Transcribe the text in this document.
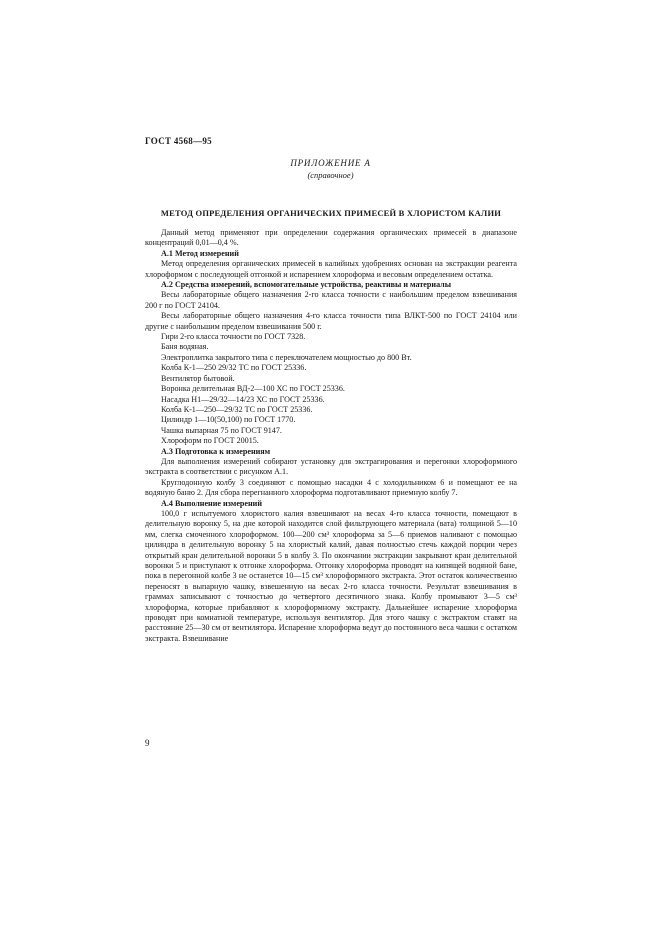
ГОСТ 4568—95
ПРИЛОЖЕНИЕ А
(справочное)
МЕТОД ОПРЕДЕЛЕНИЯ ОРГАНИЧЕСКИХ ПРИМЕСЕЙ В ХЛОРИСТОМ КАЛИИ

Данный метод применяют при определении содержания органических примесей в диапазоне концентраций 0,01—0,4 %.

А.1 Метод измерений

Метод определения органических примесей в калийных удобрениях основан на экстракции реагента хлороформом с последующей отгонкой и испарением хлороформа и весовым определением остатка.

А.2 Средства измерений, вспомогательные устройства, реактивы и материалы

Весы лабораторные общего назначения 2-го класса точности с наибольшим пределом взвешивания 200 г по ГОСТ 24104.

Весы лабораторные общего назначения 4-го класса точности типа ВЛКТ-500 по ГОСТ 24104 или другие с наибольшим пределом взвешивания 500 г.

Гири 2-го класса точности по ГОСТ 7328.

Баня водяная.

Электроплитка закрытого типа с переключателем мощностью до 800 Вт.

Колба К-1—250 29/32 ТС по ГОСТ 25336.

Вентилятор бытовой.

Воронка делительная ВД-2—100 ХС по ГОСТ 25336.

Насадка Н1—29/32—14/23 ХС по ГОСТ 25336.

Колба К-1—250—29/32 ТС по ГОСТ 25336.

Цилиндр 1—10(50,100) по ГОСТ 1770.

Чашка выпарная 75 по ГОСТ 9147.

Хлороформ по ГОСТ 20015.

А.3 Подготовка к измерениям

Для выполнения измерений собирают установку для экстрагирования и перегонки хлороформного экстракта в соответствии с рисунком А.1.

Круглодонную колбу 3 соединяют с помощью насадки 4 с холодильником 6 и помещают ее на водяную баню 2. Для сбора перегнанного хлороформа подготавливают приемную колбу 7.

А.4 Выполнение измерений

100,0 г испытуемого хлористого калия взвешивают на весах 4-го класса точности, помещают в делительную воронку 5, на дне которой находится слой фильтрующего материала (вата) толщиной 5—10 мм, слегка смоченного хлороформом. 100—200 см³ хлороформа за 5—6 приемов наливают с помощью цилиндра в делительную воронку 5 на хлористый калий, давая полностью стечь каждой порции через открытый кран делительной воронки 5 в колбу 3. По окончании экстракции закрывают кран делительной воронки 5 и приступают к отгонке хлороформа. Отгонку хлороформа проводят на кипящей водяной бане, пока в перегонной колбе 3 не останется 10—15 см³ хлороформного экстракта. Этот остаток количественно переносят в выпарную чашку, взвешенную на весах 2-го класса точности. Результат взвешивания в граммах записывают с точностью до четвертого десятичного знака. Колбу промывают 3—5 см³ хлороформа, которые прибавляют к хлороформному экстракту. Дальнейшее испарение хлороформа проводят при комнатной температуре, используя вентилятор. Для этого чашку с экстрактом ставят на расстояние 25—30 см от вентилятора. Испарение хлороформа ведут до постоянного веса чашки с остатком экстракта. Взвешивание

9
